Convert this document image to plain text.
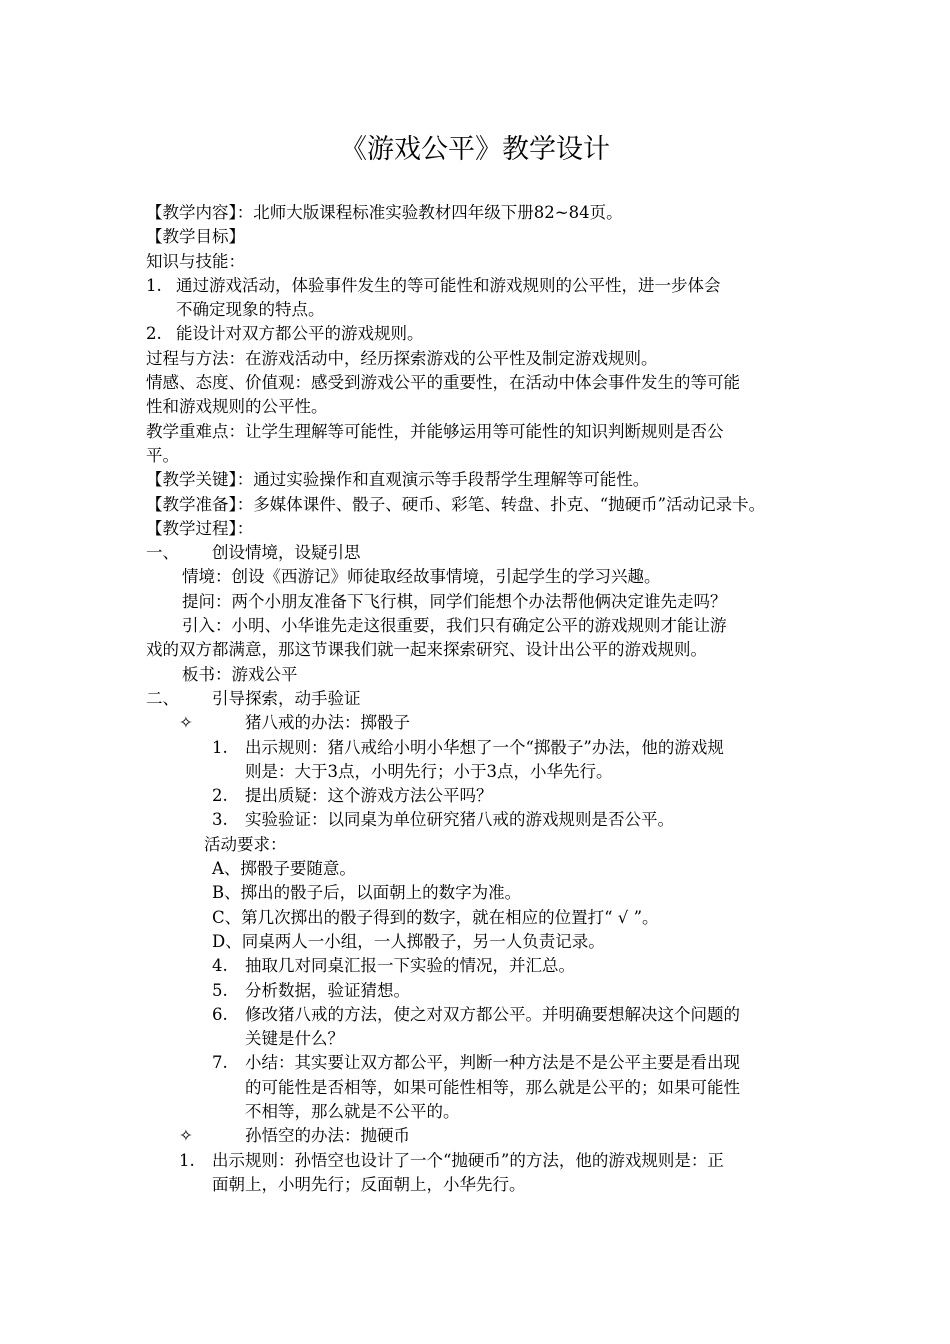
《游戏公平》教学设计
【教学内容】：北师大版课程标准实验教材四年级下册82~84页。
【教学目标】
知识与技能：
1. 通过游戏活动，体验事件发生的等可能性和游戏规则的公平性，进一步体会
不确定现象的特点。
2. 能设计对双方都公平的游戏规则。
过程与方法：在游戏活动中，经历探索游戏的公平性及制定游戏规则。
情感、态度、价值观：感受到游戏公平的重要性，在活动中体会事件发生的等可能
性和游戏规则的公平性。
教学重难点：让学生理解等可能性，并能够运用等可能性的知识判断规则是否公
平。
【教学关键】：通过实验操作和直观演示等手段帮学生理解等可能性。
【教学准备】：多媒体课件、骰子、硬币、彩笔、转盘、扑克、“抛硬币”活动记录卡。
【教学过程】：
一、 创设情境，设疑引思
情境：创设《西游记》师徒取经故事情境，引起学生的学习兴趣。
提问：两个小朋友准备下飞行棋，同学们能想个办法帮他俩决定谁先走吗？
引入：小明、小华谁先走这很重要，我们只有确定公平的游戏规则才能让游
戏的双方都满意，那这节课我们就一起来探索研究、设计出公平的游戏规则。
板书：游戏公平
二、 引导探索，动手验证
✧	猪八戒的办法：掷骰子
1. 出示规则：猪八戒给小明小华想了一个“掷骰子”办法，他的游戏规
则是：大于3点，小明先行；小于3点，小华先行。
2. 提出质疑：这个游戏方法公平吗？
3. 实验验证：以同桌为单位研究猪八戒的游戏规则是否公平。
活动要求：
A、掷骰子要随意。
B、掷出的骰子后，以面朝上的数字为准。
C、第几次掷出的骰子得到的数字，就在相应的位置打“ √ ”。
D、同桌两人一小组，一人掷骰子，另一人负责记录。
4. 抽取几对同桌汇报一下实验的情况，并汇总。
5. 分析数据，验证猜想。
6. 修改猪八戒的方法，使之对双方都公平。并明确要想解决这个问题的
关键是什么？
7. 小结：其实要让双方都公平，判断一种方法是不是公平主要是看出现
的可能性是否相等，如果可能性相等，那么就是公平的；如果可能性
不相等，那么就是不公平的。
✧	孙悟空的办法：抛硬币
1. 出示规则：孙悟空也设计了一个“抛硬币”的方法，他的游戏规则是：正
面朝上，小明先行；反面朝上，小华先行。
